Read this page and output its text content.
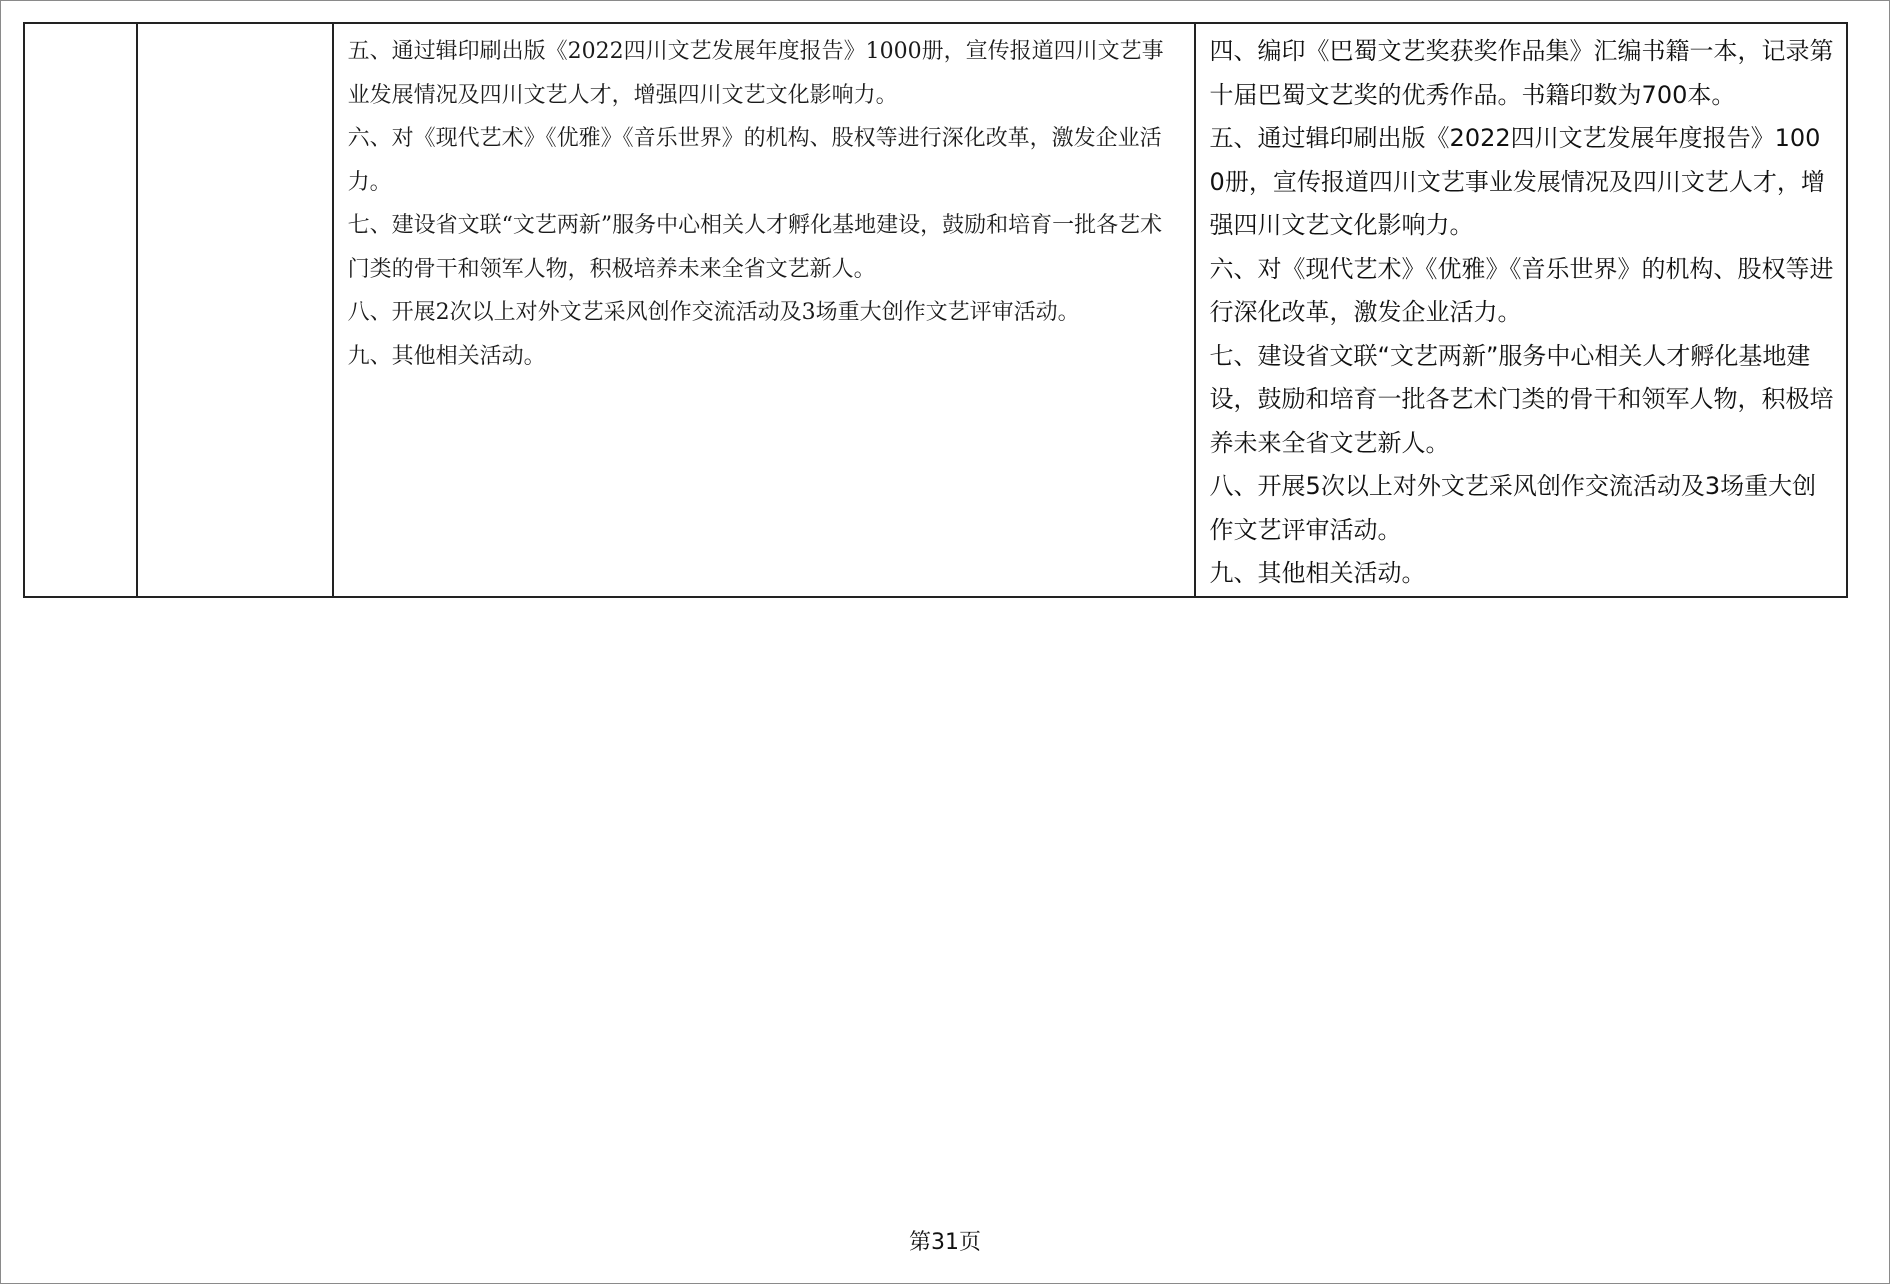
五、通过辑印刷出版《2022四川文艺发展年度报告》1000册，宣传报道四川文艺事业发展情况及四川文艺人才，增强四川文艺文化影响力。

六、对《现代艺术》《优雅》《音乐世界》的机构、股权等进行深化改革，激发企业活力。

七、建设省文联“文艺两新”服务中心相关人才孵化基地建设，鼓励和培育一批各艺术门类的骨干和领军人物，积极培养未来全省文艺新人。

八、开展2次以上对外文艺采风创作交流活动及3场重大创作文艺评审活动。

九、其他相关活动。

四、编印《巴蜀文艺奖获奖作品集》汇编书籍一本，记录第十届巴蜀文艺奖的优秀作品。书籍印数为700本。

五、通过辑印刷出版《2022四川文艺发展年度报告》1000册，宣传报道四川文艺事业发展情况及四川文艺人才，增强四川文艺文化影响力。

六、对《现代艺术》《优雅》《音乐世界》的机构、股权等进行深化改革，激发企业活力。

七、建设省文联“文艺两新”服务中心相关人才孵化基地建设，鼓励和培育一批各艺术门类的骨干和领军人物，积极培养未来全省文艺新人。

八、开展5次以上对外文艺采风创作交流活动及3场重大创作文艺评审活动。

九、其他相关活动。

第31页
